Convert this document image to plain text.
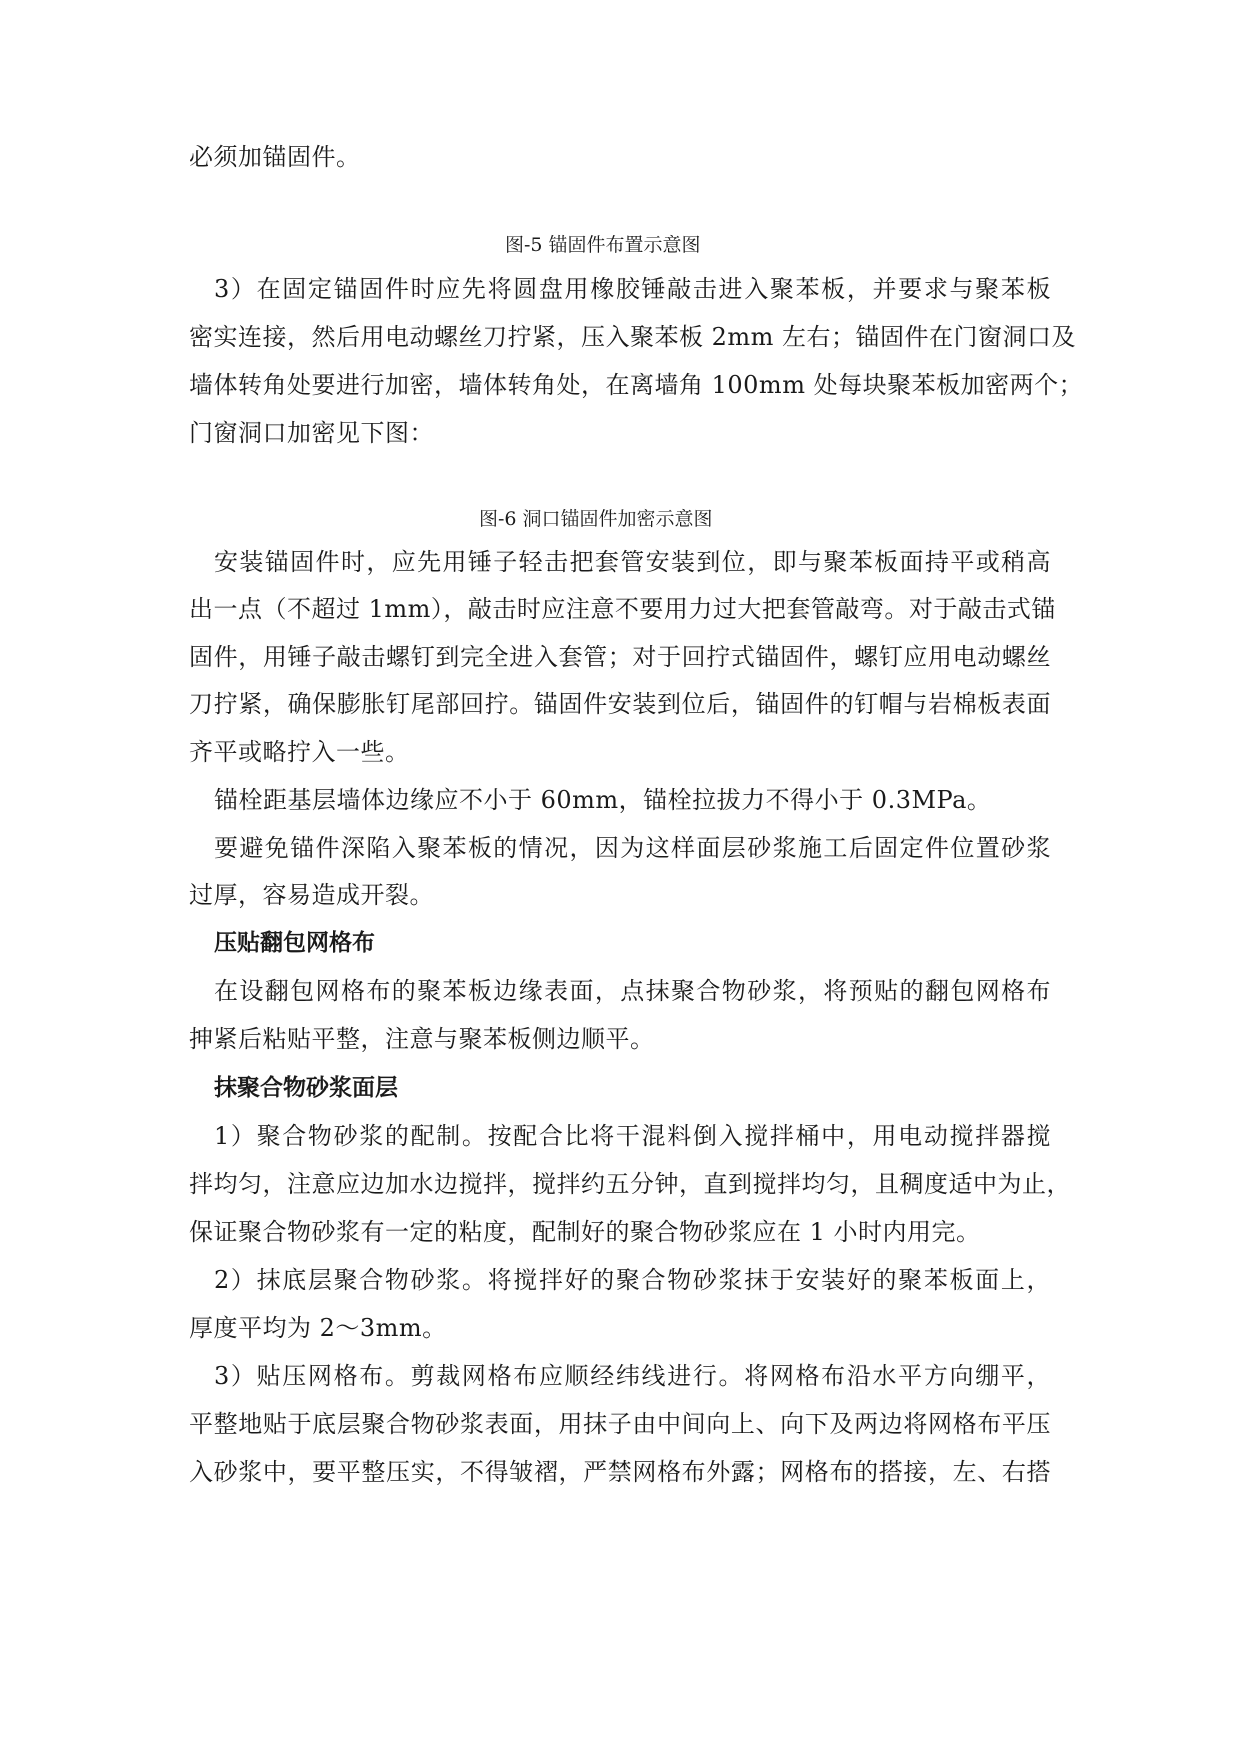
必须加锚固件。
图-5 锚固件布置示意图
3）在固定锚固件时应先将圆盘用橡胶锤敲击进入聚苯板，并要求与聚苯板
密实连接，然后用电动螺丝刀拧紧，压入聚苯板 2mm 左右；锚固件在门窗洞口及
墙体转角处要进行加密，墙体转角处，在离墙角 100mm 处每块聚苯板加密两个；
门窗洞口加密见下图：
图-6 洞口锚固件加密示意图
安装锚固件时，应先用锤子轻击把套管安装到位，即与聚苯板面持平或稍高
出一点（不超过 1mm），敲击时应注意不要用力过大把套管敲弯。对于敲击式锚
固件，用锤子敲击螺钉到完全进入套管；对于回拧式锚固件，螺钉应用电动螺丝
刀拧紧，确保膨胀钉尾部回拧。锚固件安装到位后，锚固件的钉帽与岩棉板表面
齐平或略拧入一些。
锚栓距基层墙体边缘应不小于 60mm，锚栓拉拔力不得小于 0.3MPa。
要避免锚件深陷入聚苯板的情况，因为这样面层砂浆施工后固定件位置砂浆
过厚，容易造成开裂。
压贴翻包网格布
在设翻包网格布的聚苯板边缘表面，点抹聚合物砂浆，将预贴的翻包网格布
抻紧后粘贴平整，注意与聚苯板侧边顺平。
抹聚合物砂浆面层
1）聚合物砂浆的配制。按配合比将干混料倒入搅拌桶中，用电动搅拌器搅
拌均匀，注意应边加水边搅拌，搅拌约五分钟，直到搅拌均匀，且稠度适中为止，
保证聚合物砂浆有一定的粘度，配制好的聚合物砂浆应在 1 小时内用完。
2）抹底层聚合物砂浆。将搅拌好的聚合物砂浆抹于安装好的聚苯板面上，
厚度平均为 2～3mm。
3）贴压网格布。剪裁网格布应顺经纬线进行。将网格布沿水平方向绷平，
平整地贴于底层聚合物砂浆表面，用抹子由中间向上、向下及两边将网格布平压
入砂浆中，要平整压实，不得皱褶，严禁网格布外露；网格布的搭接，左、右搭
